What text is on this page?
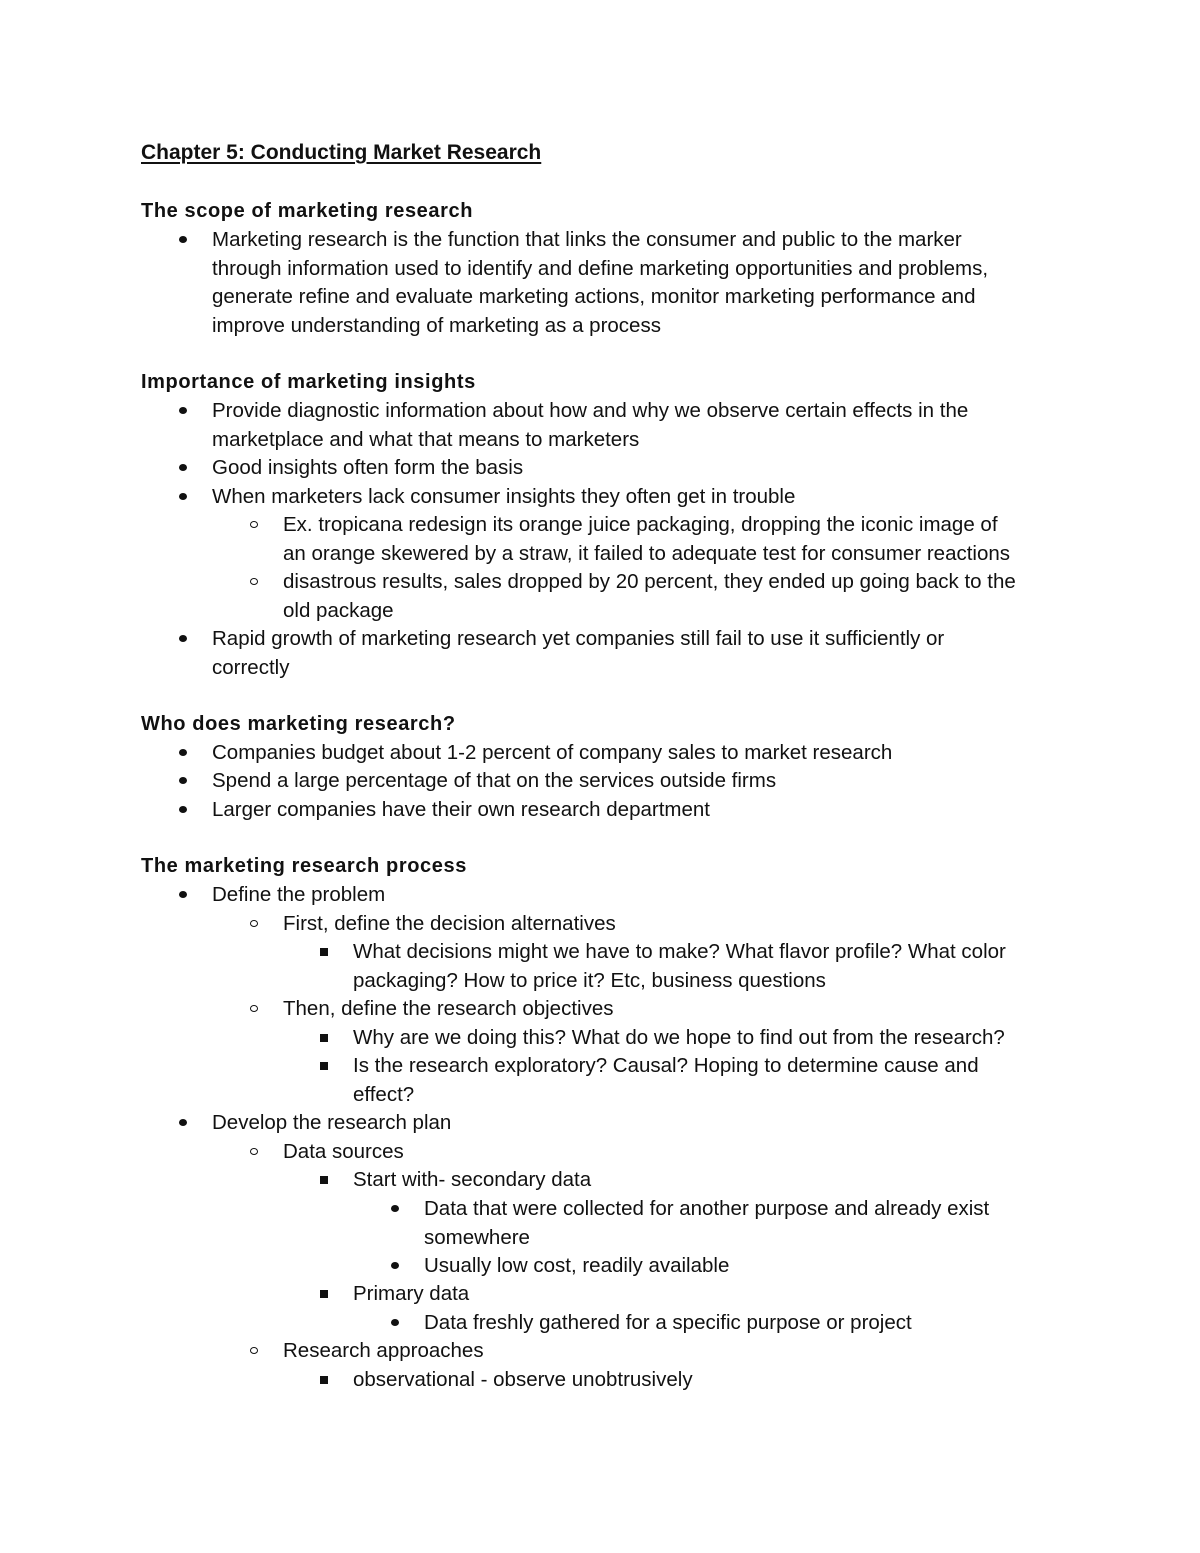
Chapter 5: Conducting Market Research
The scope of marketing research
Marketing research is the function that links the consumer and public to the marker
through information used to identify and define marketing opportunities and problems,
generate refine and evaluate marketing actions, monitor marketing performance and
improve understanding of marketing as a process
Importance of marketing insights
Provide diagnostic information about how and why we observe certain effects in the
marketplace and what that means to marketers
Good insights often form the basis
When marketers lack consumer insights they often get in trouble
Ex. tropicana redesign its orange juice packaging, dropping the iconic image of
an orange skewered by a straw, it failed to adequate test for consumer reactions
disastrous results, sales dropped by 20 percent, they ended up going back to the
old package
Rapid growth of marketing research yet companies still fail to use it sufficiently or
correctly
Who does marketing research?
Companies budget about 1-2 percent of company sales to market research
Spend a large percentage of that on the services outside firms
Larger companies have their own research department
The marketing research process
Define the problem
First, define the decision alternatives
What decisions might we have to make? What flavor profile? What color
packaging? How to price it? Etc, business questions
Then, define the research objectives
Why are we doing this? What do we hope to find out from the research?
Is the research exploratory? Causal? Hoping to determine cause and
effect?
Develop the research plan
Data sources
Start with- secondary data
Data that were collected for another purpose and already exist
somewhere
Usually low cost, readily available
Primary data
Data freshly gathered for a specific purpose or project
Research approaches
observational - observe unobtrusively
